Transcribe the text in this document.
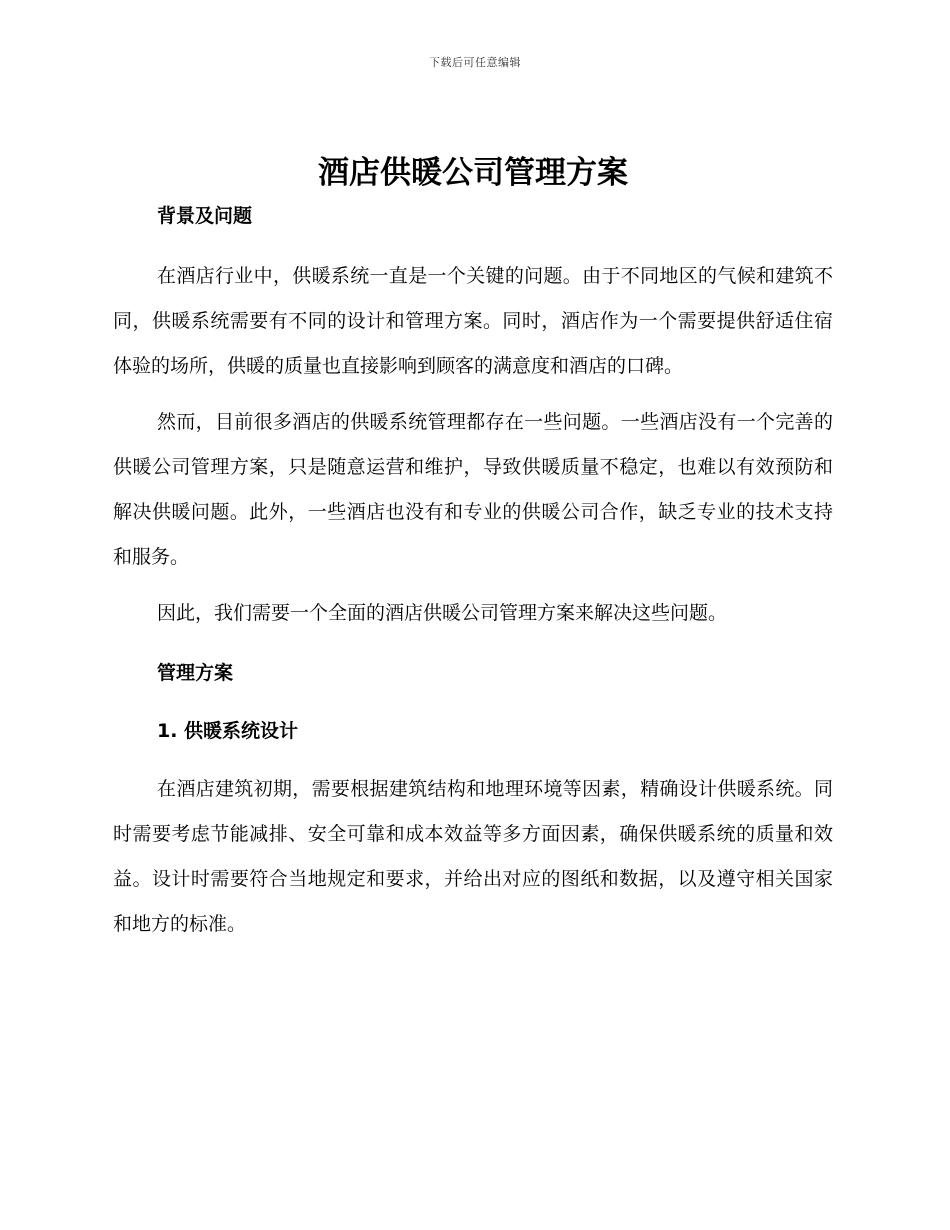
下载后可任意编辑
酒店供暖公司管理方案
背景及问题

在酒店行业中，供暖系统一直是一个关键的问题。由于不同地区的气候和建筑不同，供暖系统需要有不同的设计和管理方案。同时，酒店作为一个需要提供舒适住宿体验的场所，供暖的质量也直接影响到顾客的满意度和酒店的口碑。

然而，目前很多酒店的供暖系统管理都存在一些问题。一些酒店没有一个完善的供暖公司管理方案，只是随意运营和维护，导致供暖质量不稳定，也难以有效预防和解决供暖问题。此外，一些酒店也没有和专业的供暖公司合作，缺乏专业的技术支持和服务。

因此，我们需要一个全面的酒店供暖公司管理方案来解决这些问题。

管理方案
1. 供暖系统设计

在酒店建筑初期，需要根据建筑结构和地理环境等因素，精确设计供暖系统。同时需要考虑节能减排、安全可靠和成本效益等多方面因素，确保供暖系统的质量和效益。设计时需要符合当地规定和要求，并给出对应的图纸和数据，以及遵守相关国家和地方的标准。
